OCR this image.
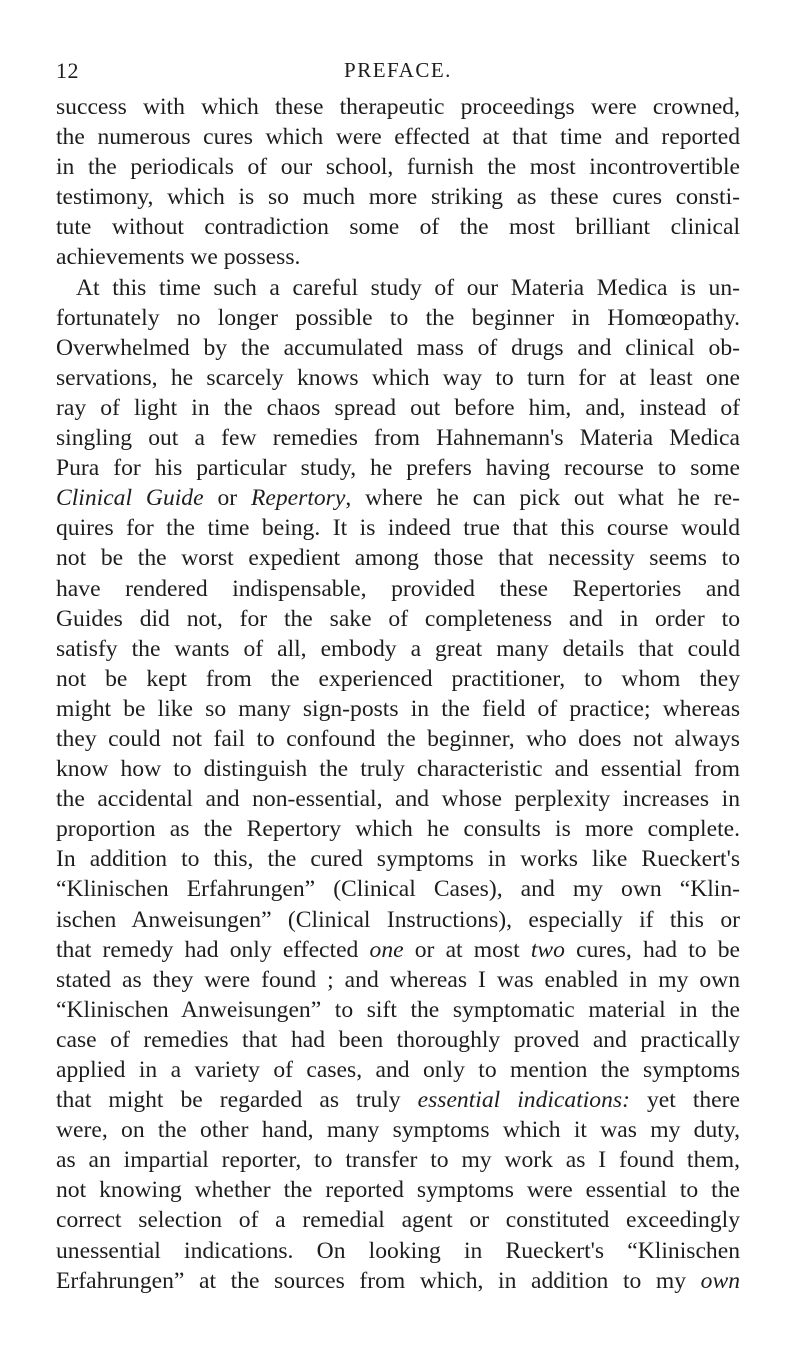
12	PREFACE.
success with which these therapeutic proceedings were crowned,
the numerous cures which were effected at that time and reported
in the periodicals of our school, furnish the most incontrovertible
testimony, which is so much more striking as these cures consti-
tute without contradiction some of the most brilliant clinical
achievements we possess.
At this time such a careful study of our Materia Medica is un-
fortunately no longer possible to the beginner in Homœopathy.
Overwhelmed by the accumulated mass of drugs and clinical ob-
servations, he scarcely knows which way to turn for at least one
ray of light in the chaos spread out before him, and, instead of
singling out a few remedies from Hahnemann's Materia Medica
Pura for his particular study, he prefers having recourse to some
Clinical Guide or Repertory, where he can pick out what he re-
quires for the time being. It is indeed true that this course would
not be the worst expedient among those that necessity seems to
have rendered indispensable, provided these Repertories and
Guides did not, for the sake of completeness and in order to
satisfy the wants of all, embody a great many details that could
not be kept from the experienced practitioner, to whom they
might be like so many sign-posts in the field of practice; whereas
they could not fail to confound the beginner, who does not always
know how to distinguish the truly characteristic and essential from
the accidental and non-essential, and whose perplexity increases in
proportion as the Repertory which he consults is more complete.
In addition to this, the cured symptoms in works like Rueckert's
“Klinischen Erfahrungen” (Clinical Cases), and my own “Klin-
ischen Anweisungen” (Clinical Instructions), especially if this or
that remedy had only effected one or at most two cures, had to be
stated as they were found ; and whereas I was enabled in my own
“Klinischen Anweisungen” to sift the symptomatic material in the
case of remedies that had been thoroughly proved and practically
applied in a variety of cases, and only to mention the symptoms
that might be regarded as truly essential indications: yet there
were, on the other hand, many symptoms which it was my duty,
as an impartial reporter, to transfer to my work as I found them,
not knowing whether the reported symptoms were essential to the
correct selection of a remedial agent or constituted exceedingly
unessential indications. On looking in Rueckert's “Klinischen
Erfahrungen” at the sources from which, in addition to my own
